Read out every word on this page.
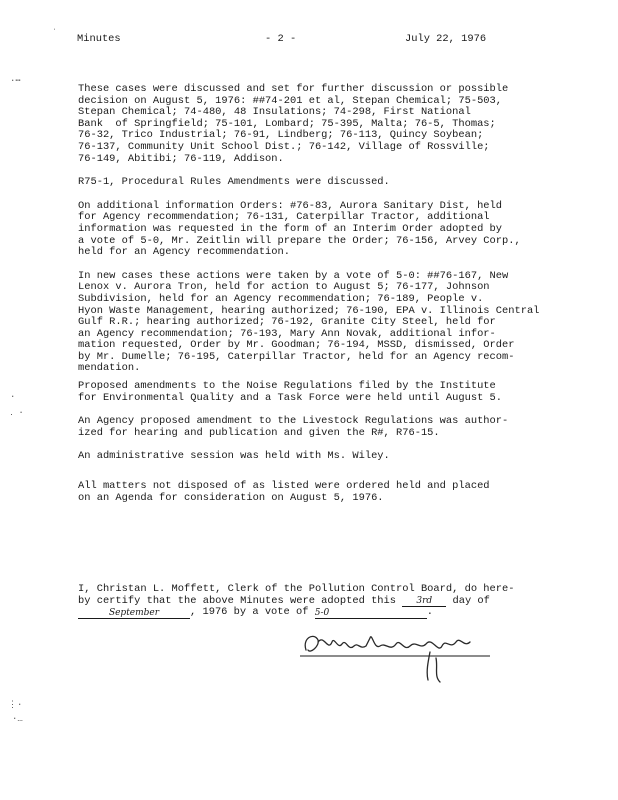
ˈ
·⋯
·
․ ·
⋮·
·…
Minutes	- 2 -	July 22, 1976
These cases were discussed and set for further discussion or possible
decision on August 5, 1976: ##74-201 et al, Stepan Chemical; 75-503,
Stepan Chemical; 74-480, 48 Insulations; 74-298, First National
Bank  of Springfield; 75-101, Lombard; 75-395, Malta; 76-5, Thomas;
76-32, Trico Industrial; 76-91, Lindberg; 76-113, Quincy Soybean;
76-137, Community Unit School Dist.; 76-142, Village of Rossville;
76-149, Abitibi; 76-119, Addison.
R75-1, Procedural Rules Amendments were discussed.
On additional information Orders: #76-83, Aurora Sanitary Dist, held
for Agency recommendation; 76-131, Caterpillar Tractor, additional
information was requested in the form of an Interim Order adopted by
a vote of 5-0, Mr. Zeitlin will prepare the Order; 76-156, Arvey Corp.,
held for an Agency recommendation.
In new cases these actions were taken by a vote of 5-0: ##76-167, New
Lenox v. Aurora Tron, held for action to August 5; 76-177, Johnson
Subdivision, held for an Agency recommendation; 76-189, People v.
Hyon Waste Management, hearing authorized; 76-190, EPA v. Illinois Central
Gulf R.R.; hearing authorized; 76-192, Granite City Steel, held for
an Agency recommendation; 76-193, Mary Ann Novak, additional infor-
mation requested, Order by Mr. Goodman; 76-194, MSSD, dismissed, Order
by Mr. Dumelle; 76-195, Caterpillar Tractor, held for an Agency recom-
mendation.
Proposed amendments to the Noise Regulations filed by the Institute
for Environmental Quality and a Task Force were held until August 5.
An Agency proposed amendment to the Livestock Regulations was author-
ized for hearing and publication and given the R#, R76-15.
An administrative session was held with Ms. Wiley.
All matters not disposed of as listed were ordered held and placed
on an Agenda for consideration on August 5, 1976.
I, Christan L. Moffett, Clerk of the Pollution Control Board, do here-
by certify that the above Minutes were adopted this 3rd day of
September	, 1976 by a vote of 5-0	.
